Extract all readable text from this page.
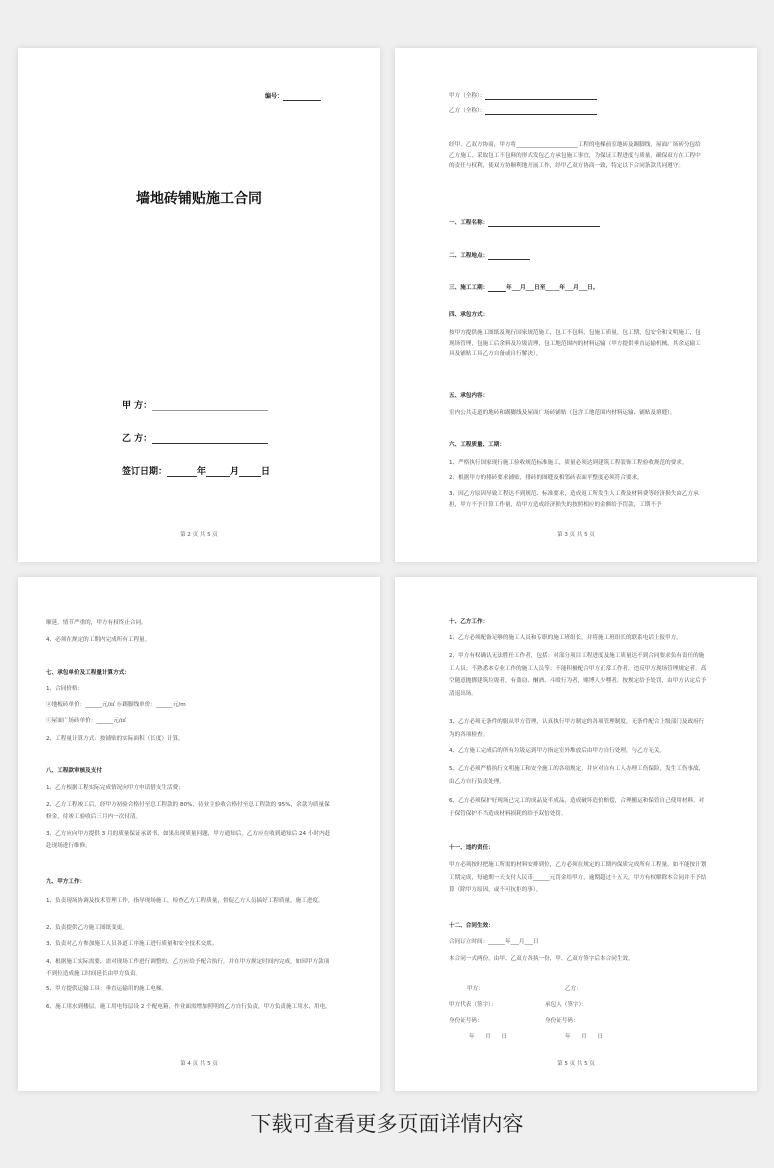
编号：
墙地砖铺贴施工合同
甲 方：
乙 方：
签订日期：	年	月 日
第 2 页 共 5 页
甲方（全称）：
乙方（全称）：
经甲、乙双方协商，甲方将______________________工程的电梯前室地砖及踢脚线，屋面广场砖分包给乙方施工，采取包工不包料的形式发包乙方承包施工事宜，为保证工程进度与质量，确保双方在工程中的责任与权利，使双方协顺利地开展工作，经甲乙双方协商一致，特定以下合同条款共同遵守。
一、工程名称：
二、工程地点：
三、施工工期：	年___月___日至_____年___月___日。
四、承包方式：
按甲方提供施工图纸及现行国家规范施工，包工不包料，包施工质量，包工期，包安全和文明施工，包现场管理，包施工后余料及垃圾清理，包工地范围内的材料运输（甲方提供垂直运输机械，其余运输工具及铺贴工具乙方自备或自行解决）。
五、承包内容：
室内公共走道的地砖和踢脚线及屋面广场砖铺贴（包含工地范围内材料运输、铺贴及填缝）。
六、工程质量、工期：
1、严格执行国家现行施工验收规范标准施工，质量必须达到建筑工程装饰工程验收规范的要求。
2、根据甲方的排砖要求铺贴，排砖的图缝及相邻砖表面平整度必须符合要求。
3、因乙方原因导致工程达不到规范、标准要求，造成返工所发生人工费及材料费等经济损失由乙方承担，甲方不予计算工作量，给甲方造成经济损失的按照相应的金额给予罚款，工期不予
第 3 页 共 5 页
顺延，情节严重的，甲方有权终止合同。
4、必须在规定的工期内完成所有工程量。
七、承包单价及工程量计算方式：
1、合同价格：
ⓐ地板砖单价：______元/㎡ ⓑ踢脚线单价：______元/m
ⓒ屋面广场砖单价：______元/㎡
2、工程量计算方式：按铺贴的实际面积（长度）计算。
八、工程款审核及支付
1、乙方根据工程实际完成情况向甲方申请借支生活费；
2、乙方工程竣工后，经甲方初验合格付至总工程款的 80%，待业主验收合格付至总工程款的 95%，余款为质量保修金，待竣工验收后三月内一次付清。
3、乙方应向甲方提供 3 月的质量保证承诺书，如果出现质量问题，甲方通知后，乙方应在收到通知后 24 小时内赶赴现场进行维修。
九、甲方工作：
1、负责现场协调及技术管理工作，指导现场施工，检查乙方工程质量，督促乙方人员搞好工程质量，施工进度。
2、负责提供乙方施工图纸变更。
3、负责对乙方参加施工人员各道工序施工进行质量和安全技术交底。
4、根据施工实际需要，需对现场工作进行调整的，乙方应给予配合执行，并在甲方规定时间内完成，如因甲方款项不到位造成施工时间延长由甲方负责。
5、甲方提供运输工具：垂直运输用的施工电梯。
6、施工用水到楼层，施工用电每层设 2 个配电箱，作业面需增加照明的乙方自行负责，甲方负责施工用水、用电。
第 4 页 共 5 页
十、乙方工作：
1、乙方必须配备足够的施工人员和专职的施工班组长，并将施工班组长的联系电话上报甲方。
2、甲方有权确认无法胜任工作者，包括：对部分项目工程进度及施工质量达不到合同要求负有责任的施工人员；不熟悉本专业工作的施工人员等；不能积极配合甲方正常工作者，违反甲方现场管理规定者，高空随意抛掷建筑垃圾者，有盗窃、酗酒、斗殴行为者，赌博人少嘿者，按规定给予处罚，由甲方认定后予清退出场。
3、乙方必须无条件的服从甲方管理，认真执行甲方制定的各项管理制度，无条件配合上级部门及政府行为的各项检查。
4、乙方施工完成后的所有垃圾运到甲方指定室外堆放后由甲方自行处理，与乙方无关。
5、乙方必须严格执行文明施工和安全施工的各项规定，并应对自有工人办理工伤保险，发生工伤事故，由乙方自行负责处理。
6、乙方必须保护好现场已完工的成品及半成品，造成破坏造价赔偿，合理搬运和保管自己使用材料，对于保管保护不当造成材料损耗的给予双倍处罚。
十一、违约责任：
甲方必须按时把施工所需的材料安排到位，乙方必须在规定的工期内保质完成所有工程量，如不能按计划工期完成，每逾期一天支付人民币______元罚金给甲方，逾期超过十五天，甲方有权解除本合同并不予结算（除甲方原因，或不可抗拒的事）。
十二、合同生效：
合同订立时间：______年___月___日
本合同一式两份，由甲、乙双方各执一份，甲、乙双方签字后本合同生效。
甲方：	乙方：
甲方代表（签字）：	承包人（签字）：
身份证号码：	身份证号码：
年      月      日	年      月      日
第 5 页 共 5 页
下载可查看更多页面详情内容
